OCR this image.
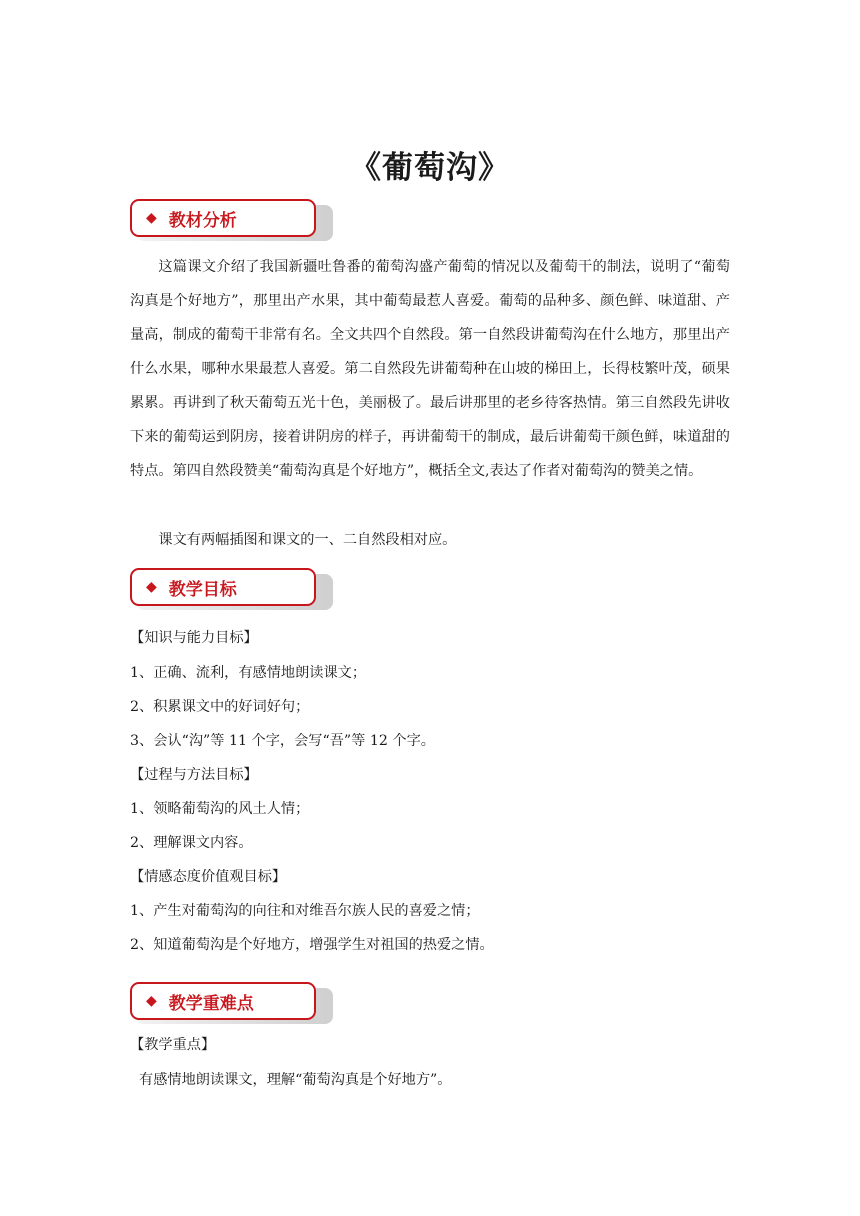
《葡萄沟》
◆ 教材分析
这篇课文介绍了我国新疆吐鲁番的葡萄沟盛产葡萄的情况以及葡萄干的制法，说明了“葡萄沟真是个好地方”，那里出产水果，其中葡萄最惹人喜爱。葡萄的品种多、颜色鲜、味道甜、产量高，制成的葡萄干非常有名。全文共四个自然段。第一自然段讲葡萄沟在什么地方，那里出产什么水果，哪种水果最惹人喜爱。第二自然段先讲葡萄种在山坡的梯田上，长得枝繁叶茂，硕果累累。再讲到了秋天葡萄五光十色，美丽极了。最后讲那里的老乡待客热情。第三自然段先讲收下来的葡萄运到阴房，接着讲阴房的样子，再讲葡萄干的制成，最后讲葡萄干颜色鲜，味道甜的特点。第四自然段赞美“葡萄沟真是个好地方”，概括全文,表达了作者对葡萄沟的赞美之情。
课文有两幅插图和课文的一、二自然段相对应。
◆ 教学目标
【知识与能力目标】
1、正确、流利，有感情地朗读课文；
2、积累课文中的好词好句；
3、会认“沟”等 11 个字，会写“吾”等 12 个字。
【过程与方法目标】
1、领略葡萄沟的风土人情；
2、理解课文内容。
【情感态度价值观目标】
1、产生对葡萄沟的向往和对维吾尔族人民的喜爱之情；
2、知道葡萄沟是个好地方，增强学生对祖国的热爱之情。
◆ 教学重难点
【教学重点】
有感情地朗读课文，理解“葡萄沟真是个好地方”。
